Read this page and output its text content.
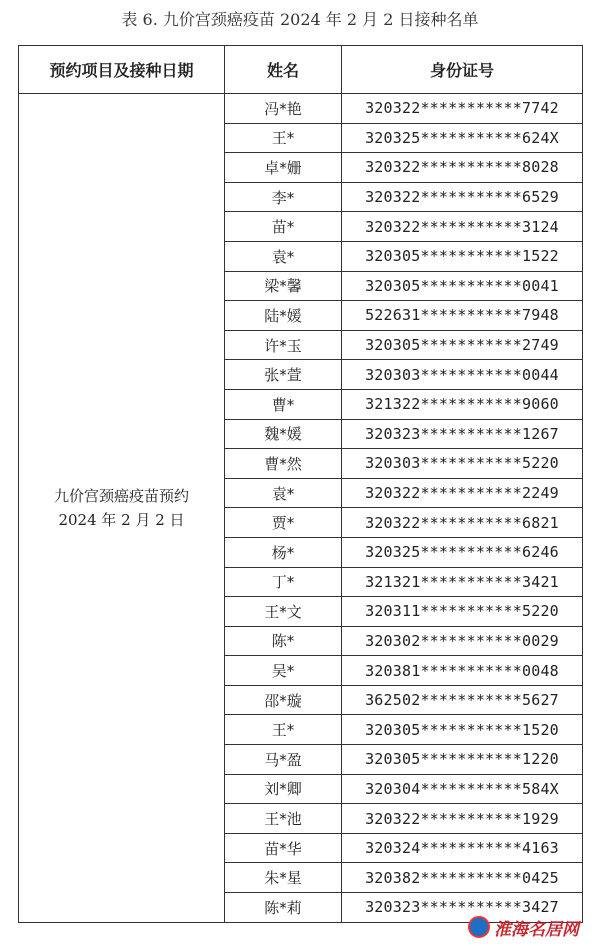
表 6. 九价宫颈癌疫苗 2024 年 2 月 2 日接种名单
预约项目及接种日期	姓名	身份证号

九价宫颈癌疫苗预约
2024 年 2 月 2 日	冯*艳	320322***********7742
	王*	320325***********624X
	卓*姗	320322***********8028
	李*	320322***********6529
	苗*	320322***********3124
	袁*	320305***********1522
	梁*馨	320305***********0041
	陆*媛	522631***********7948
	许*玉	320305***********2749
	张*萱	320303***********0044
	曹*	321322***********9060
	魏*媛	320323***********1267
	曹*然	320303***********5220
	袁*	320322***********2249
	贾*	320322***********6821
	杨*	320325***********6246
	丁*	321321***********3421
	王*文	320311***********5220
	陈*	320302***********0029
	吴*	320381***********0048
	邵*璇	362502***********5627
	王*	320305***********1520
	马*盈	320305***********1220
	刘*卿	320304***********584X
	王*池	320322***********1929
	苗*华	320324***********4163
	朱*星	320382***********0425
	陈*莉	320323***********3427
淮海名居网
